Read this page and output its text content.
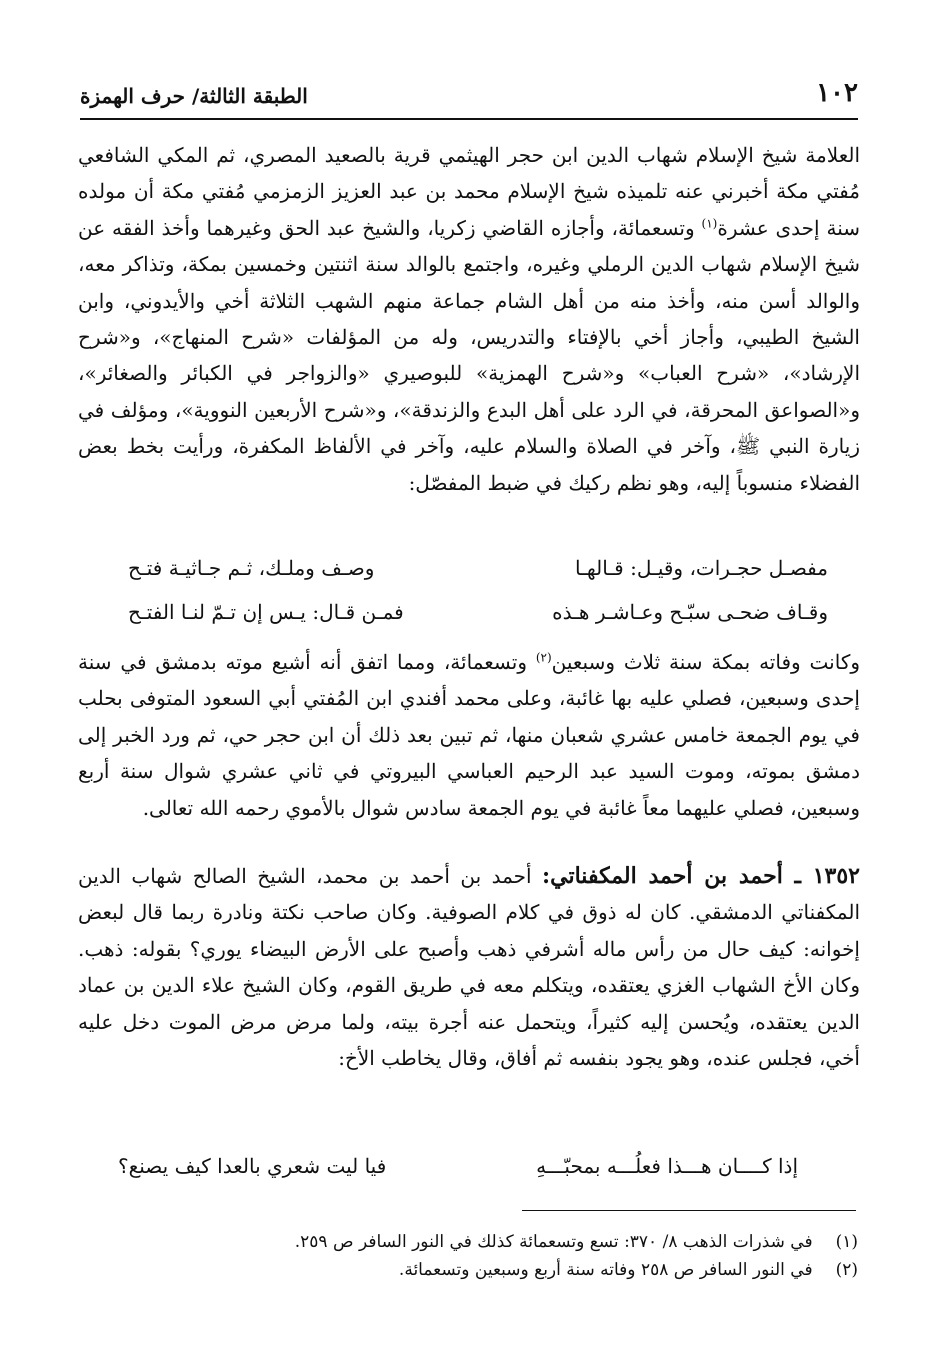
١٠٢
الطبقة الثالثة/ حرف الهمزة
العلامة شيخ الإسلام شهاب الدين ابن حجر الهيثمي قرية بالصعيد المصري، ثم المكي الشافعي مُفتي مكة أخبرني عنه تلميذه شيخ الإسلام محمد بن عبد العزيز الزمزمي مُفتي مكة أن مولده سنة إحدى عشرة$^{(١)}$ وتسعمائة، وأجازه القاضي زكريا، والشيخ عبد الحق وغيرهما وأخذ الفقه عن شيخ الإسلام شهاب الدين الرملي وغيره، واجتمع بالوالد سنة اثنتين وخمسين بمكة، وتذاكر معه، والوالد أسن منه، وأخذ منه من أهل الشام جماعة منهم الشهب الثلاثة أخي والأيدوني، وابن الشيخ الطيبي، وأجاز أخي بالإفتاء والتدريس، وله من المؤلفات «شرح المنهاج»، و«شرح الإرشاد»، «شرح العباب» و«شرح الهمزية» للبوصيري «والزواجر في الكبائر والصغائر»، و«الصواعق المحرقة، في الرد على أهل البدع والزندقة»، و«شرح الأربعين النووية»، ومؤلف في زيارة النبي ﷺ، وآخر في الصلاة والسلام عليه، وآخر في الألفاظ المكفرة، ورأيت بخط بعض الفضلاء منسوباً إليه، وهو نظم ركيك في ضبط المفصّل:
مفصـل حجـرات، وقيـل: قـالهـا
وصـف وملـك، ثـم جـاثيـة فتـح
وقـاف ضحـى سبّـح وعـاشـر هـذه
فمـن قـال: يـس إن تـمّ لنـا الفتـح
وكانت وفاته بمكة سنة ثلاث وسبعين$^{(٢)}$ وتسعمائة، ومما اتفق أنه أشيع موته بدمشق في سنة إحدى وسبعين، فصلي عليه بها غائبة، وعلى محمد أفندي ابن المُفتي أبي السعود المتوفى بحلب في يوم الجمعة خامس عشري شعبان منها، ثم تبين بعد ذلك أن ابن حجر حي، ثم ورد الخبر إلى دمشق بموته، وموت السيد عبد الرحيم العباسي البيروتي في ثاني عشري شوال سنة أربع وسبعين، فصلي عليهما معاً غائبة في يوم الجمعة سادس شوال بالأموي رحمه الله تعالى.
١٣٥٢ ـ أحمد بن أحمد المكفناتي: أحمد بن أحمد بن محمد، الشيخ الصالح شهاب الدين المكفناتي الدمشقي. كان له ذوق في كلام الصوفية. وكان صاحب نكتة ونادرة ربما قال لبعض إخوانه: كيف حال من رأس ماله أشرفي ذهب وأصبح على الأرض البيضاء يوري؟ بقوله: ذهب. وكان الأخ الشهاب الغزي يعتقده، ويتكلم معه في طريق القوم، وكان الشيخ علاء الدين بن عماد الدين يعتقده، ويُحسن إليه كثيراً، ويتحمل عنه أجرة بيته، ولما مرض مرض الموت دخل عليه أخي، فجلس عنده، وهو يجود بنفسه ثم أفاق، وقال يخاطب الأخ:
إذا كــــان هـــذا فعلُـــه بمحبّـــهِ
فيا ليت شعري بالعدا كيف يصنع؟
(١) في شذرات الذهب ٨/ ٣٧٠: تسع وتسعمائة كذلك في النور السافر ص ٢٥٩.
(٢) في النور السافر ص ٢٥٨ وفاته سنة أربع وسبعين وتسعمائة.
